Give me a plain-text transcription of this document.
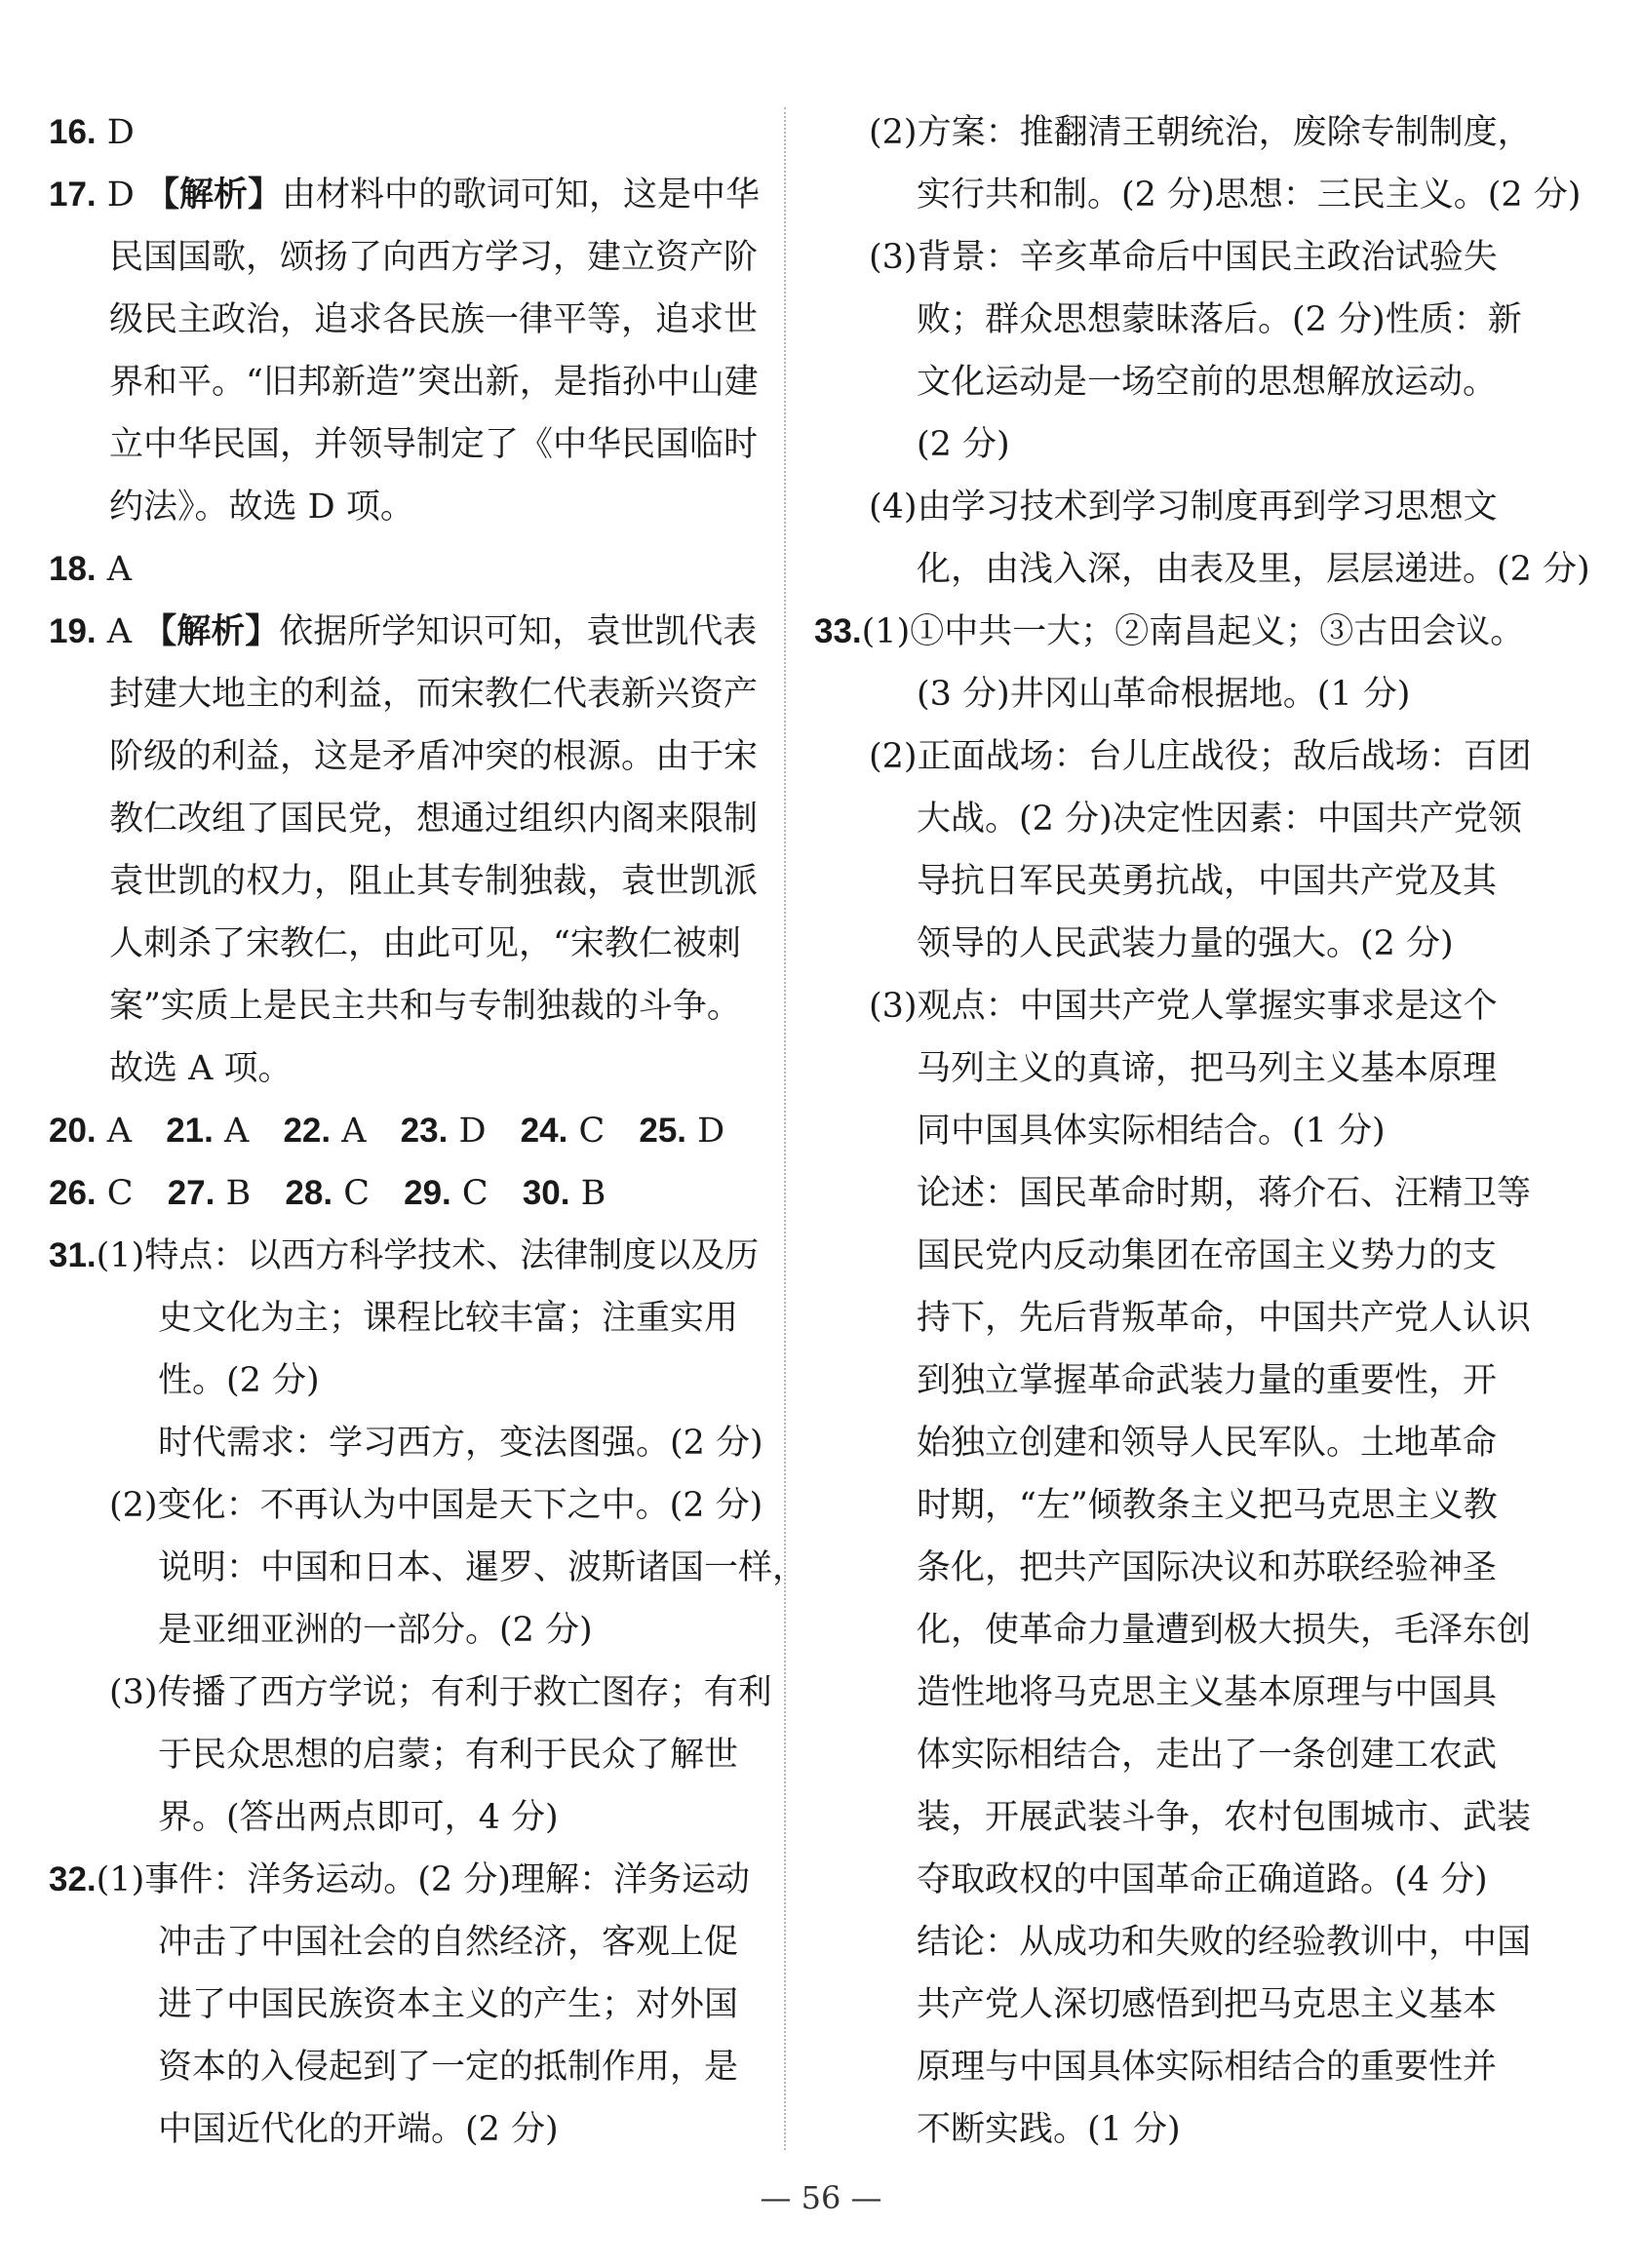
16. D
17. D 【解析】由材料中的歌词可知，这是中华
民国国歌，颂扬了向西方学习，建立资产阶
级民主政治，追求各民族一律平等，追求世
界和平。“旧邦新造”突出新，是指孙中山建
立中华民国，并领导制定了《中华民国临时
约法》。故选 D 项。
18. A
19. A 【解析】依据所学知识可知，袁世凯代表
封建大地主的利益，而宋教仁代表新兴资产
阶级的利益，这是矛盾冲突的根源。由于宋
教仁改组了国民党，想通过组织内阁来限制
袁世凯的权力，阻止其专制独裁，袁世凯派
人刺杀了宋教仁，由此可见，“宋教仁被刺
案”实质上是民主共和与专制独裁的斗争。
故选 A 项。
20. A 21. A 22. A 23. D 24. C 25. D
26. C 27. B 28. C 29. C 30. B
31.(1)特点：以西方科学技术、法律制度以及历
史文化为主；课程比较丰富；注重实用
性。(2 分)
时代需求：学习西方，变法图强。(2 分)
(2)变化：不再认为中国是天下之中。(2 分)
说明：中国和日本、暹罗、波斯诸国一样，
是亚细亚洲的一部分。(2 分)
(3)传播了西方学说；有利于救亡图存；有利
于民众思想的启蒙；有利于民众了解世
界。(答出两点即可，4 分)
32.(1)事件：洋务运动。(2 分)理解：洋务运动
冲击了中国社会的自然经济，客观上促
进了中国民族资本主义的产生；对外国
资本的入侵起到了一定的抵制作用，是
中国近代化的开端。(2 分)
(2)方案：推翻清王朝统治，废除专制制度，
实行共和制。(2 分)思想：三民主义。(2 分)
(3)背景：辛亥革命后中国民主政治试验失
败；群众思想蒙昧落后。(2 分)性质：新
文化运动是一场空前的思想解放运动。
(2 分)
(4)由学习技术到学习制度再到学习思想文
化，由浅入深，由表及里，层层递进。(2 分)
33.(1)①中共一大；②南昌起义；③古田会议。
(3 分)井冈山革命根据地。(1 分)
(2)正面战场：台儿庄战役；敌后战场：百团
大战。(2 分)决定性因素：中国共产党领
导抗日军民英勇抗战，中国共产党及其
领导的人民武装力量的强大。(2 分)
(3)观点：中国共产党人掌握实事求是这个
马列主义的真谛，把马列主义基本原理
同中国具体实际相结合。(1 分)
论述：国民革命时期，蒋介石、汪精卫等
国民党内反动集团在帝国主义势力的支
持下，先后背叛革命，中国共产党人认识
到独立掌握革命武装力量的重要性，开
始独立创建和领导人民军队。土地革命
时期，“左”倾教条主义把马克思主义教
条化，把共产国际决议和苏联经验神圣
化，使革命力量遭到极大损失，毛泽东创
造性地将马克思主义基本原理与中国具
体实际相结合，走出了一条创建工农武
装，开展武装斗争，农村包围城市、武装
夺取政权的中国革命正确道路。(4 分)
结论：从成功和失败的经验教训中，中国
共产党人深切感悟到把马克思主义基本
原理与中国具体实际相结合的重要性并
不断实践。(1 分)
— 56 —
